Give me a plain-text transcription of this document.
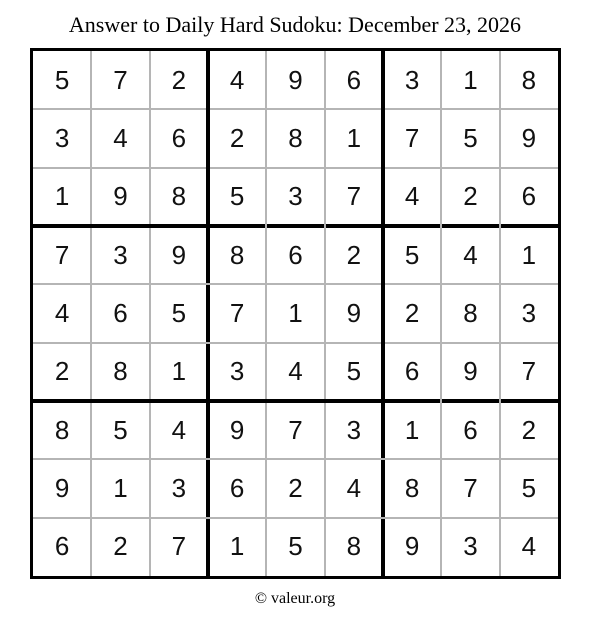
Answer to Daily Hard Sudoku: December 23, 2026
5	7	2	4	9	6	3	1	8
3	4	6	2	8	1	7	5	9
1	9	8	5	3	7	4	2	6
7	3	9	8	6	2	5	4	1
4	6	5	7	1	9	2	8	3
2	8	1	3	4	5	6	9	7
8	5	4	9	7	3	1	6	2
9	1	3	6	2	4	8	7	5
6	2	7	1	5	8	9	3	4
© valeur.org
